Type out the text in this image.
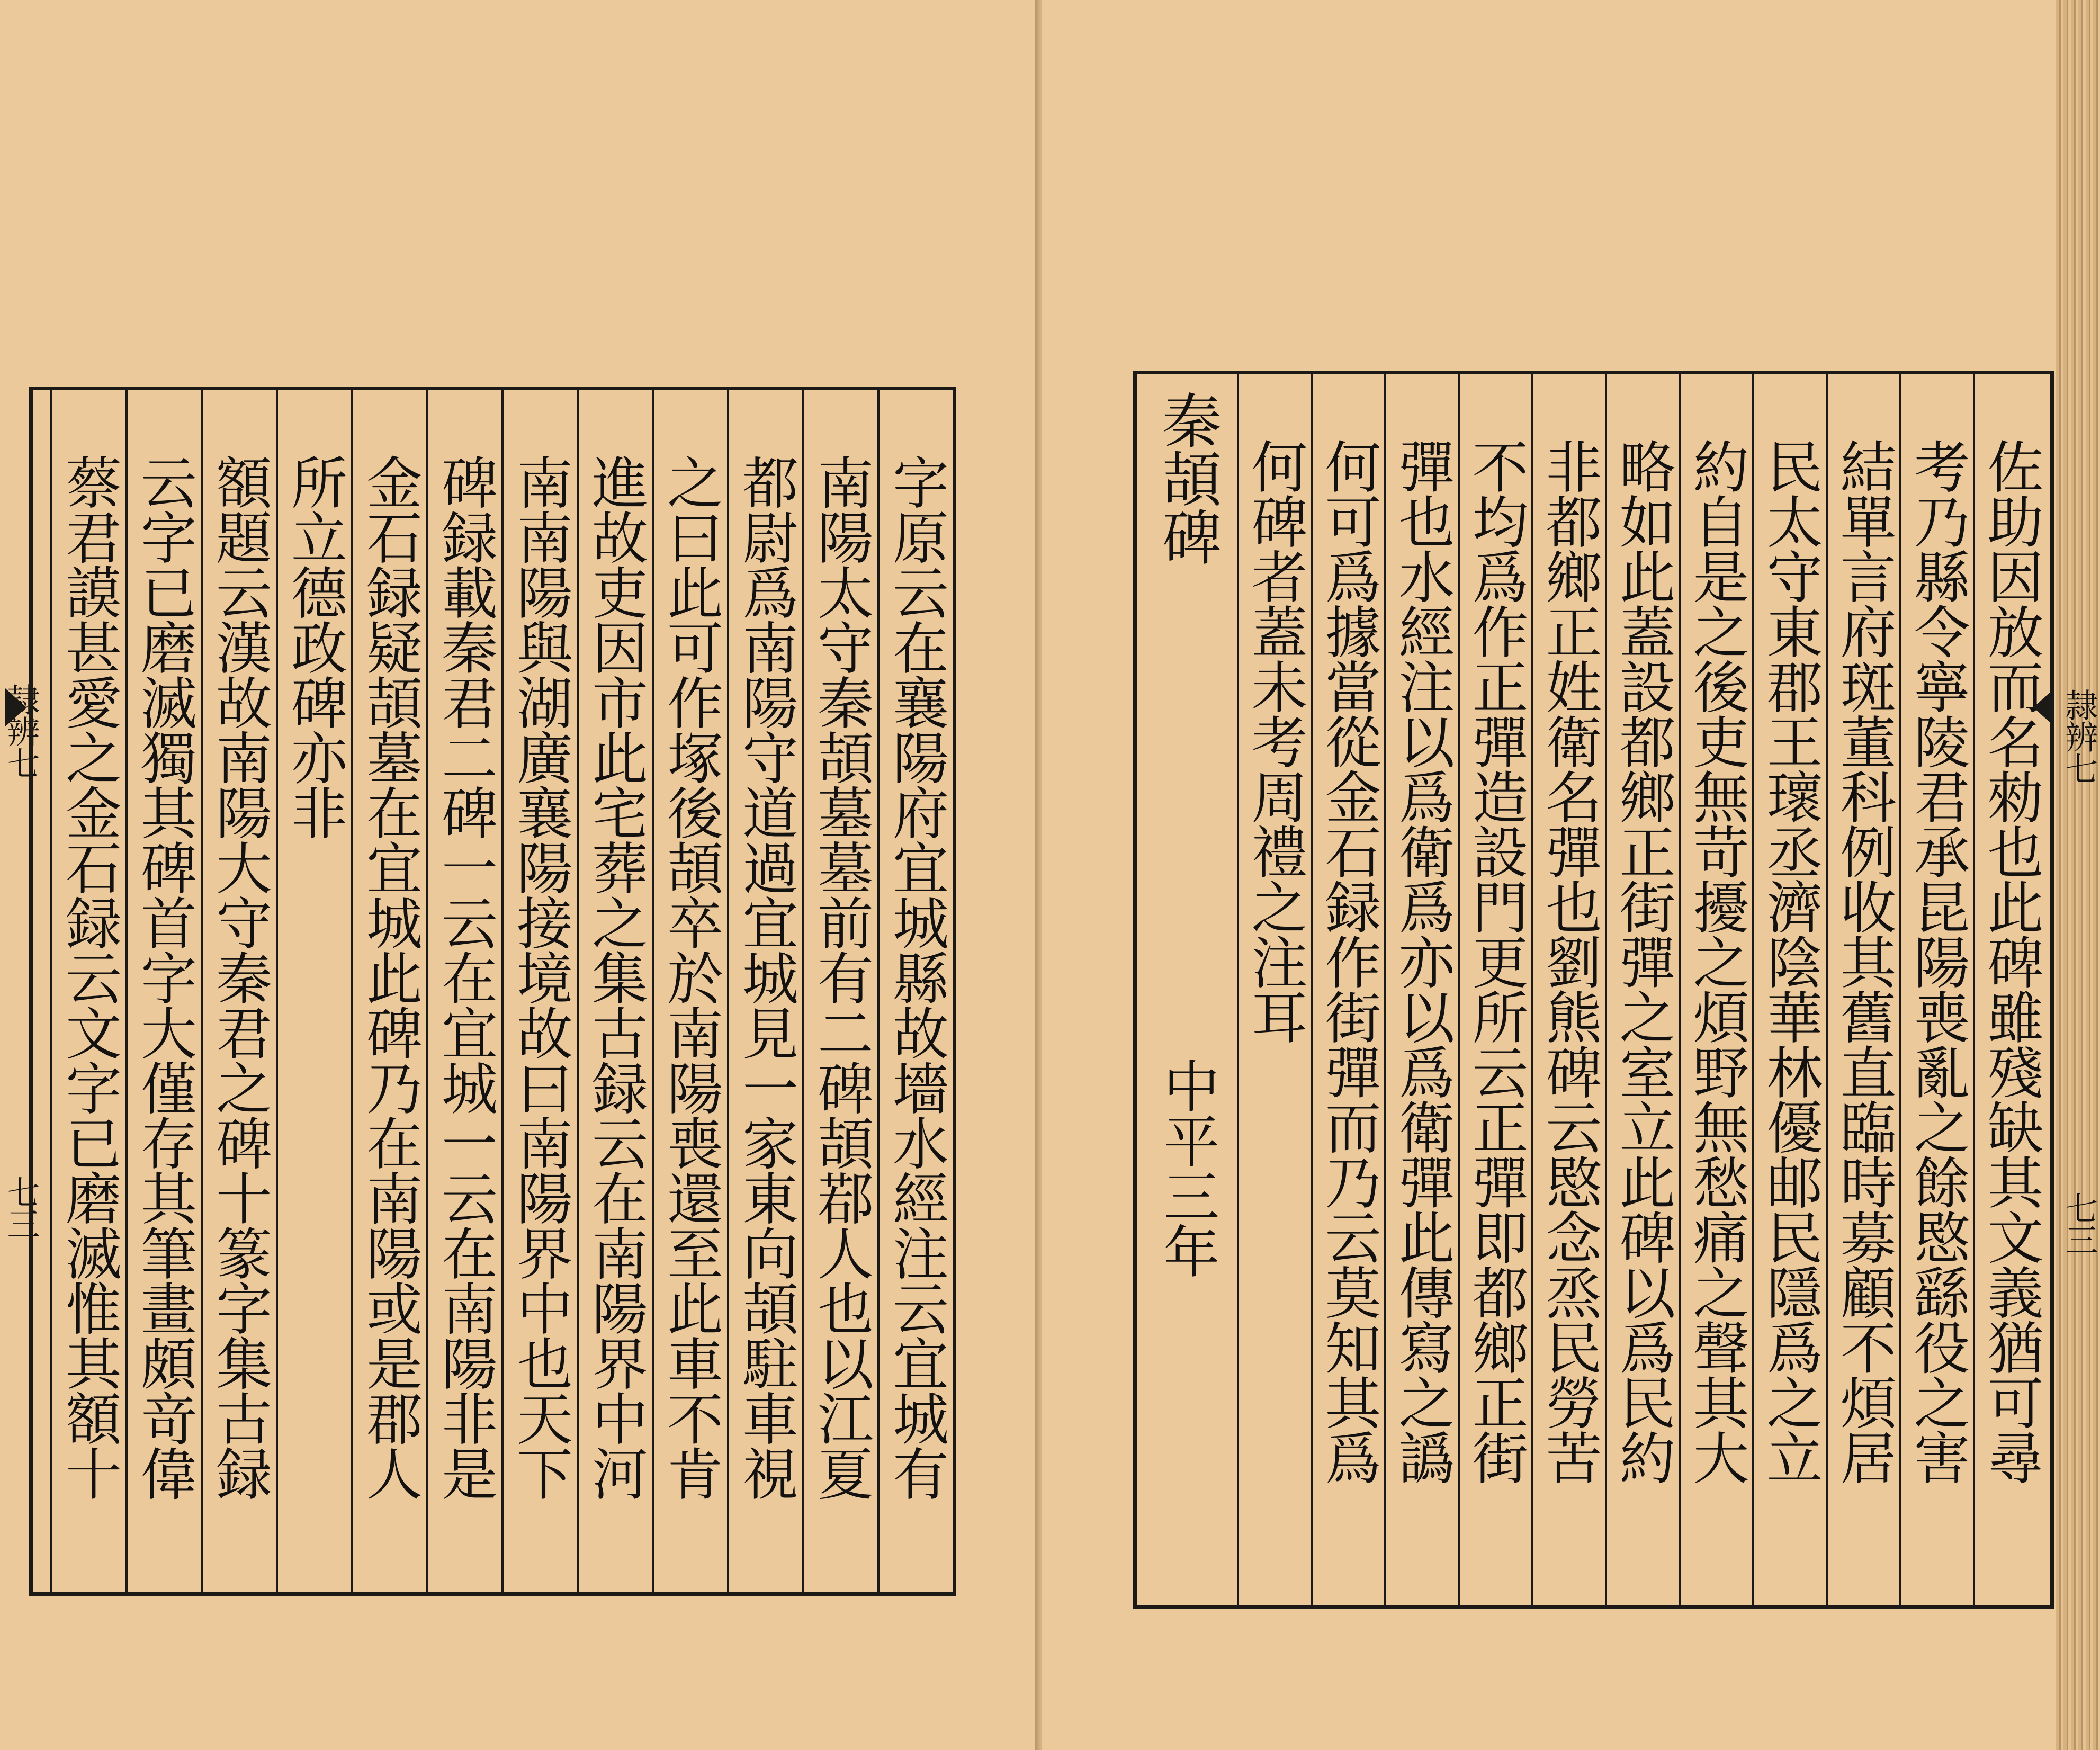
隷辨七
七三	字原云在襄陽府宜城縣故墻水經注云宜城有
南陽太守秦頡墓墓前有二碑頡鄀人也以江夏
都尉爲南陽守道過宜城見一家東向頡駐車視
之曰此可作塚後頡卒於南陽喪還至此車不肯
進故吏因市此宅葬之集古録云在南陽界中河
南南陽與湖廣襄陽接境故曰南陽界中也天下
碑録載秦君二碑一云在宜城一云在南陽非是
金石録疑頡墓在宜城此碑乃在南陽或是郡人
所立德政碑亦非
額題云漢故南陽大守秦君之碑十篆字集古録
云字已磨滅獨其碑首字大僅存其筆畫頗竒偉
蔡君謨甚愛之金石録云文字已磨滅惟其額十	佐助因放而名勑也此碑雖殘缺其文義猶可尋
考乃縣令寧陵君承昆陽喪亂之餘愍繇役之害
結單言府斑董科例收其舊直臨時募顧不煩居
民太守東郡王瓌丞濟陰華林優邮民隱爲之立
約自是之後吏無苛擾之煩野無愁痛之聲其大
略如此蓋設都鄉正街彈之室立此碑以爲民約
非都鄉正姓衛名彈也劉熊碑云愍念烝民勞苦
不均爲作正彈造設門更所云正彈即都鄉正街
彈也水經注以爲衛爲亦以爲衛彈此傳寫之譌
何可爲據當從金石録作街彈而乃云莫知其爲
何碑者蓋未考周禮之注耳
秦頡碑
中平三年
隷辨七
七三
